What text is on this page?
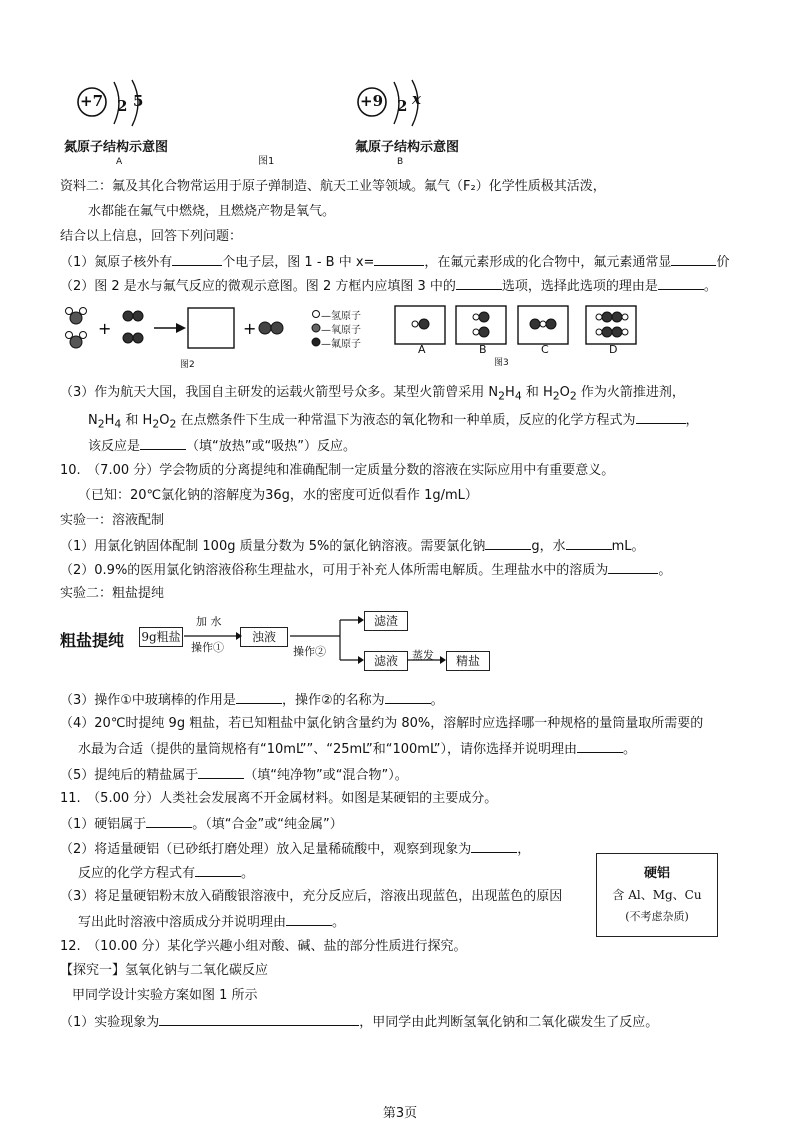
+7 2 5
氮原子结构示意图
A
+9 2 x
氟原子结构示意图
B
图1
资料二：氟及其化合物常运用于原子弹制造、航天工业等领域。氟气（F₂）化学性质极其活泼，
水都能在氟气中燃烧，且燃烧产物是氧气。
结合以上信息，回答下列问题：
（1）氮原子核外有	个电子层，图 1 - B 中 x=	，在氟元素形成的化合物中，氟元素通常显	价
（2）图 2 是水与氟气反应的微观示意图。图 2 方框内应填图 3 中的	选项，选择此选项的理由是	。
+	+
—氢原子
—氧原子
—氟原子
图2
A	B
图3
C	D
（3）作为航天大国，我国自主研发的运载火箭型号众多。某型火箭曾采用 $N_2H_4$ 和 $H_2O_2$ 作为火箭推进剂，
$N_2H_4$ 和 $H_2O_2$ 在点燃条件下生成一种常温下为液态的氧化物和一种单质，反应的化学方程式为	，
该反应是	（填“放热”或“吸热”）反应。
10.　（7.00 分）学会物质的分离提纯和准确配制一定质量分数的溶液在实际应用中有重要意义。
（已知：20℃氯化钠的溶解度为36g，水的密度可近似看作 1g/mL）
实验一：溶液配制
（1）用氯化钠固体配制 100g 质量分数为 5%的氯化钠溶液。需要氯化钠	g，水	mL。
（2）0.9%的医用氯化钠溶液俗称生理盐水，可用于补充人体所需电解质。生理盐水中的溶质为	。
实验二：粗盐提纯
粗盐提纯 9g粗盐
加 水
操作①
浊液
操作②
滤渣
滤液	蒸发	精盐
（3）操作①中玻璃棒的作用是	，操作②的名称为	。
（4）20℃时提纯 9g 粗盐，若已知粗盐中氯化钠含量约为 80%，溶解时应选择哪一种规格的量筒量取所需要的
水最为合适（提供的量筒规格有“10mL””、“25mL”和“100mL”），请你选择并说明理由	。
（5）提纯后的精盐属于	（填“纯净物”或“混合物”）。
11.　（5.00 分）人类社会发展离不开金属材料。如图是某硬铝的主要成分。
（1）硬铝属于	。（填“合金”或“纯金属”）
（2）将适量硬铝（已砂纸打磨处理）放入足量稀硫酸中，观察到现象为	，
反应的化学方程式有	。
（3）将足量硬铝粉末放入硝酸银溶液中，充分反应后，溶液出现蓝色，出现蓝色的原因
写出此时溶液中溶质成分并说明理由	。
硬铝
含 Al、Mg、Cu
(不考虑杂质)
12.　（10.00 分）某化学兴趣小组对酸、碱、盐的部分性质进行探究。
【探究一】氢氧化钠与二氧化碳反应
甲同学设计实验方案如图 1 所示
（1）实验现象为	，甲同学由此判断氢氧化钠和二氧化碳发生了反应。
第3页
